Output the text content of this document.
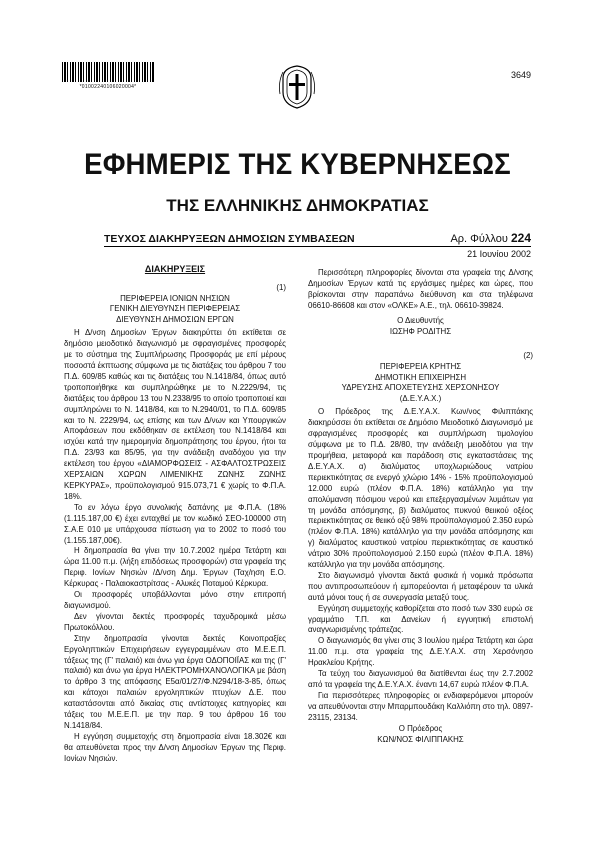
*01002240106020004*
3649
ΕΦΗΜΕΡΙΣ ΤΗΣ ΚΥΒΕΡΝΗΣΕΩΣ
ΤΗΣ ΕΛΛΗΝΙΚΗΣ ΔΗΜΟΚΡΑΤΙΑΣ
ΤΕΥΧΟΣ ΔΙΑΚΗΡΥΞΕΩΝ ΔΗΜΟΣΙΩΝ ΣΥΜΒΑΣΕΩΝ	Αρ. Φύλλου 224
21 Ιουνίου 2002
ΔΙΑΚΗΡΥΞΕΙΣ
(1)
ΠΕΡΙΦΕΡΕΙΑ ΙΟΝΙΩΝ ΝΗΣΙΩΝ
ΓΕΝΙΚΗ ΔΙΕΥΘΥΝΣΗ ΠΕΡΙΦΕΡΕΙΑΣ
ΔΙΕΥΘΥΝΣΗ ΔΗΜΟΣΙΩΝ ΕΡΓΩΝ

Η Δ/νση Δημοσίων Έργων διακηρύττει ότι εκτίθεται σε δημόσιο μειοδοτικό διαγωνισμό με σφραγισμένες προσφορές με το σύστημα της Συμπλήρωσης Προσφοράς με επί μέρους ποσοστά έκπτωσης σύμφωνα με τις διατάξεις του άρθρου 7 του Π.Δ. 609/85 καθώς και τις διατάξεις του Ν.1418/84, όπως αυτό τροποποιήθηκε και συμπληρώθηκε με το Ν.2229/94, τις διατάξεις του άρθρου 13 του Ν.2338/95 το οποίο τροποποιεί και συμπληρώνει το Ν. 1418/84, και το Ν.2940/01, το Π.Δ. 609/85 και το Ν. 2229/94, ως επίσης και των Δ/νων και Υπουργικών Αποφάσεων που εκδόθηκαν σε εκτέλεση του Ν.1418/84 και ισχύει κατά την ημερομηνία δημοπράτησης του έργου, ήτοι τα Π.Δ. 23/93 και 85/95, για την ανάδειξη αναδόχου για την εκτέλεση του έργου «ΔΙΑΜΟΡΦΩΣΕΙΣ - ΑΣΦΑΛΤΟΣΤΡΩΣΕΙΣ ΧΕΡΣΑΙΩΝ ΧΩΡΩΝ ΛΙΜΕΝΙΚΗΣ ΖΩΝΗΣ ΖΩΝΗΣ ΚΕΡΚΥΡΑΣ», προϋπολογισμού 915.073,71 € χωρίς το Φ.Π.Α. 18%.

Το εν λόγω έργο συνολικής δαπάνης με Φ.Π.Α. (18% (1.115.187,00 €) έχει ενταχθεί με τον κωδικό ΣΕΟ-100000 στη Σ.Α.Ε 010 με υπάρχουσα πίστωση για το 2002 το ποσό του (1.155.187,00€).

Η δημοπρασία θα γίνει την 10.7.2002 ημέρα Τετάρτη και ώρα 11.00 π.μ. (λήξη επιδόσεως προσφορών) στα γραφεία της Περιφ. Ιονίων Νησιών /Δ/νση Δημ. Έργων (Ταχ/ηση Ε.Ο. Κέρκυρας - Παλαιοκαστρίτσας - Αλυκές Ποταμού Κέρκυρα.

Οι προσφορές υποβάλλονται μόνο στην επιτροπή διαγωνισμού.

Δεν γίνονται δεκτές προσφορές ταχυδρομικά μέσω Πρωτοκόλλου.

Στην δημοπρασία γίνονται δεκτές Κοινοπραξίες Εργοληπτικών Επιχειρήσεων εγγεγραμμένων στο Μ.Ε.Ε.Π. τάξεως της (Γ' παλαιό) και άνω για έργα ΟΔΟΠΟΙΪΑΣ και της (Γ' παλαιό) και άνω για έργα ΗΛΕΚΤΡΟΜΗΧΑΝΟΛΟΓΙΚΑ με βάση το άρθρο 3 της απόφασης Ε5α/01/27/Φ.Ν294/18-3-85, όπως και κάτοχοι παλαιών εργοληπτικών πτυχίων Δ.Ε. που καταστάσονται από δικαίας στις αντίστοιχες κατηγορίες και τάξεις του Μ.Ε.Ε.Π. με την παρ. 9 του άρθρου 16 του Ν.1418/84.

Η εγγύηση συμμετοχής στη δημοπρασία είναι 18.302€ και θα απευθύνεται προς την Δ/νση Δημοσίων Έργων της Περιφ. Ιονίων Νησιών.

Περισσότερη πληροφορίες δίνονται στα γραφεία της Δ/νσης Δημοσίων Έργων κατά τις εργάσιμες ημέρες και ώρες, που βρίσκονται στην παραπάνω διεύθυνση και στα τηλέφωνα 06610-86608 και στον «ΟΛΚΕ» Α.Ε., τηλ. 06610-39824.

Ο Διευθυντής
ΙΩΣΗΦ ΡΟΔΙΤΗΣ
(2)
ΠΕΡΙΦΕΡΕΙΑ ΚΡΗΤΗΣ
ΔΗΜΟΤΙΚΗ ΕΠΙΧΕΙΡΗΣΗ
ΥΔΡΕΥΣΗΣ ΑΠΟΧΕΤΕΥΣΗΣ ΧΕΡΣΟΝΗΣΟΥ
(Δ.Ε.Υ.Α.Χ.)

Ο Πρόεδρος της Δ.Ε.Υ.Α.Χ. Κων/νος Φιλιππάκης διακηρύσσει ότι εκτίθεται σε Δημόσιο Μειοδοτικό Διαγωνισμό με σφραγισμένες προσφορές και συμπλήρωση τιμολογίου σύμφωνα με το Π.Δ. 28/80, την ανάδειξη μειοδότου για την προμήθεια, μεταφορά και παράδοση στις εγκαταστάσεις της Δ.Ε.Υ.Α.Χ. α) διαλύματος υποχλωριώδους νατρίου περιεκτικότητας σε ενεργό χλώριο 14% - 15% προϋπολογισμού 12.000 ευρώ (πλέον Φ.Π.Α. 18%) κατάλληλο για την απολύμανση πόσιμου νερού και επεξεργασμένων λυμάτων για τη μονάδα απόσμησης, β) διαλύματος πυκνού θειικού οξέος περιεκτικότητας σε θειικό οξύ 98% προϋπολογισμού 2.350 ευρώ (πλέον Φ.Π.Α. 18%) κατάλληλο για την μονάδα απόσμησης και γ) διαλύματος καυστικού νατρίου περιεκτικότητας σε καυστικό νάτριο 30% προϋπολογισμού 2.150 ευρώ (πλέον Φ.Π.Α. 18%) κατάλληλο για την μονάδα απόσμησης.

Στο διαγωνισμό γίνονται δεκτά φυσικά ή νομικά πρόσωπα που αντιπροσωπεύουν ή εμπορεύονται ή μεταφέρουν τα υλικά αυτά μόνοι τους ή σε συνεργασία μεταξύ τους.

Εγγύηση συμμετοχής καθορίζεται στο ποσό των 330 ευρώ σε γραμμάτιο Τ.Π. και Δανείων ή εγγυητική επιστολή αναγνωρισμένης τράπεζας.

Ο διαγωνισμός θα γίνει στις 3 Ιουλίου ημέρα Τετάρτη και ώρα 11.00 π.μ. στα γραφεία της Δ.Ε.Υ.Α.Χ. στη Χερσόνησο Ηρακλείου Κρήτης.

Τα τεύχη του διαγωνισμού θα διατίθενται έως την 2.7.2002 από τα γραφεία της Δ.Ε.Υ.Α.Χ. έναντι 14,67 ευρώ πλέον Φ.Π.Α.

Για περισσότερες πληροφορίες οι ενδιαφερόμενοι μπορούν να απευθύνονται στην Μπαρμπουδάκη Καλλιόπη στο τηλ. 0897-23115, 23134.

Ο Πρόεδρος
ΚΩΝ/ΝΟΣ ΦΙΛΙΠΠΑΚΗΣ
